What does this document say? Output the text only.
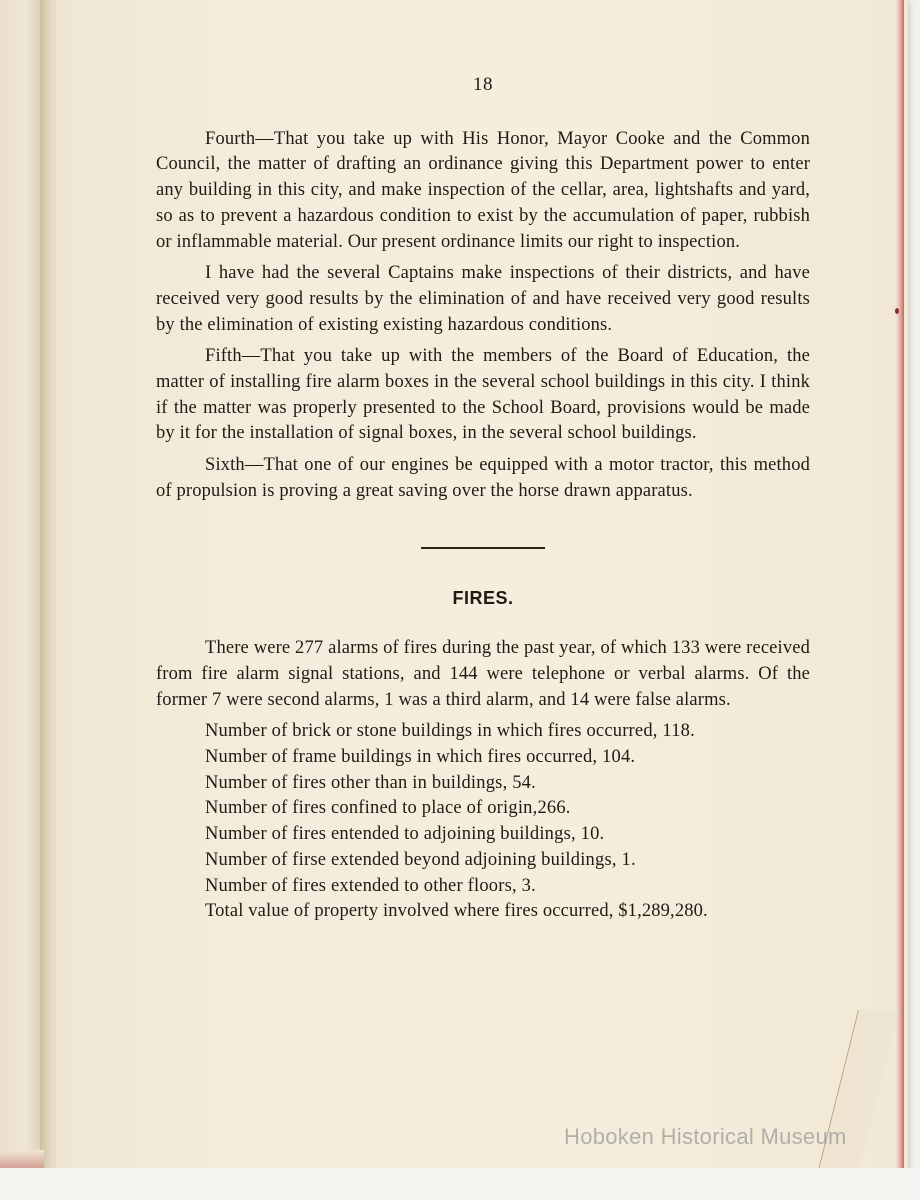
18

Fourth—That you take up with His Honor, Mayor Cooke and the Common Council, the matter of drafting an ordinance giving this Department power to enter any building in this city, and make inspection of the cellar, area, lightshafts and yard, so as to prevent a hazardous condition to exist by the accumulation of paper, rubbish or inflammable material. Our present ordinance limits our right to inspection.

I have had the several Captains make inspections of their districts, and have received very good results by the elimination of and have received very good results by the elimination of existing existing hazardous conditions.

Fifth—That you take up with the members of the Board of Education, the matter of installing fire alarm boxes in the several school buildings in this city. I think if the matter was properly presented to the School Board, provisions would be made by it for the installation of signal boxes, in the several school buildings.

Sixth—That one of our engines be equipped with a motor tractor, this method of propulsion is proving a great saving over the horse drawn apparatus.

FIRES.

There were 277 alarms of fires during the past year, of which 133 were received from fire alarm signal stations, and 144 were telephone or verbal alarms. Of the former 7 were second alarms, 1 was a third alarm, and 14 were false alarms.

Number of brick or stone buildings in which fires occurred, 118.
Number of frame buildings in which fires occurred, 104.
Number of fires other than in buildings, 54.
Number of fires confined to place of origin,266.
Number of fires entended to adjoining buildings, 10.
Number of firse extended beyond adjoining buildings, 1.
Number of fires extended to other floors, 3.

Total value of property involved where fires occurred, $1,289,280.

Hoboken Historical Museum
